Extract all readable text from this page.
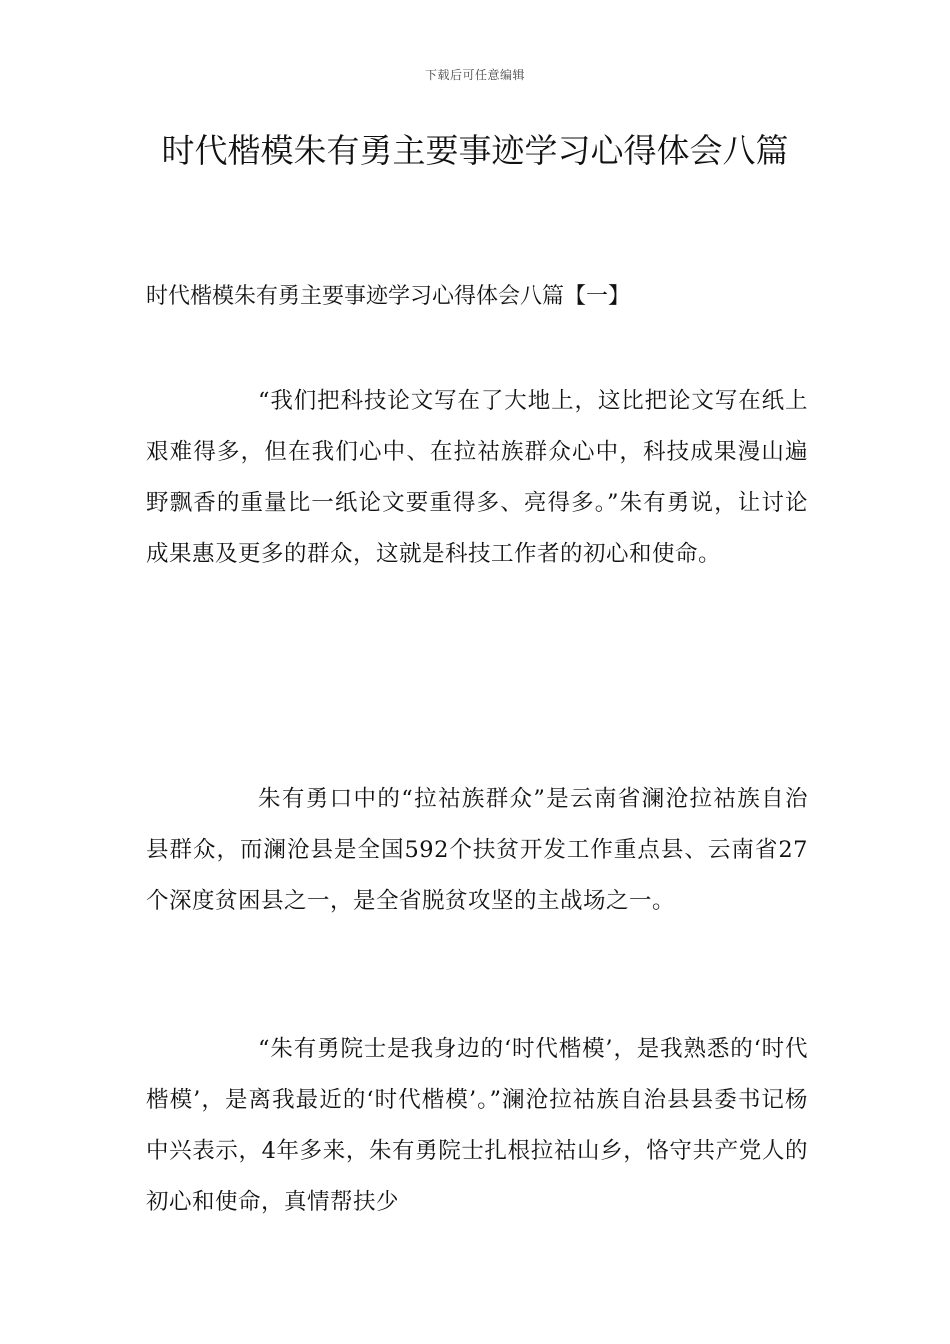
下载后可任意编辑
时代楷模朱有勇主要事迹学习心得体会八篇
时代楷模朱有勇主要事迹学习心得体会八篇【一】

“我们把科技论文写在了大地上，这比把论文写在纸上艰难得多，但在我们心中、在拉祜族群众心中，科技成果漫山遍野飘香的重量比一纸论文要重得多、亮得多。”朱有勇说，让讨论成果惠及更多的群众，这就是科技工作者的初心和使命。

朱有勇口中的“拉祜族群众”是云南省澜沧拉祜族自治县群众，而澜沧县是全国592个扶贫开发工作重点县、云南省27个深度贫困县之一，是全省脱贫攻坚的主战场之一。

“朱有勇院士是我身边的‘时代楷模’，是我熟悉的‘时代楷模’，是离我最近的‘时代楷模’。”澜沧拉祜族自治县县委书记杨中兴表示，4年多来，朱有勇院士扎根拉祜山乡，恪守共产党人的初心和使命，真情帮扶少
